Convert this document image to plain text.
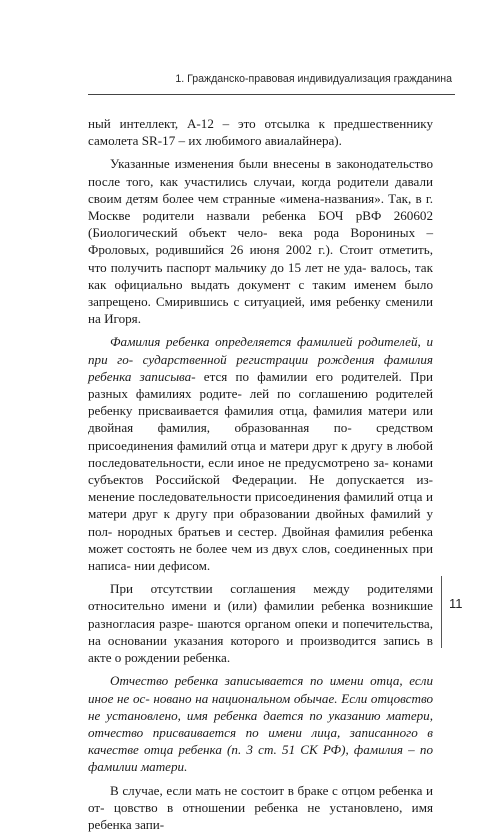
1. Гражданско-правовая индивидуализация гражданина

ный интеллект, А-12 – это отсылка к предшественнику самолета SR-17 – их любимого авиалайнера).

Указанные изменения были внесены в законодательство после того, как участились случаи, когда родители давали своим детям более чем странные «имена-названия». Так, в г. Москве родители назвали ребенка БОЧ рВФ 260602 (Биологический объект чело- века рода Ворониных – Фроловых, родившийся 26 июня 2002 г.). Стоит отметить, что получить паспорт мальчику до 15 лет не уда- валось, так как официально выдать документ с таким именем было запрещено. Смирившись с ситуацией, имя ребенку сменили на Игоря.

Фамилия ребенка определяется фамилией родителей, и при го- сударственной регистрации рождения фамилия ребенка записыва- ется по фамилии его родителей. При разных фамилиях родите- лей по соглашению родителей ребенку присваивается фамилия отца, фамилия матери или двойная фамилия, образованная по- средством присоединения фамилий отца и матери друг к другу в любой последовательности, если иное не предусмотрено за- конами субъектов Российской Федерации. Не допускается из- менение последовательности присоединения фамилий отца и матери друг к другу при образовании двойных фамилий у пол- нородных братьев и сестер. Двойная фамилия ребенка может состоять не более чем из двух слов, соединенных при написа- нии дефисом.

При отсутствии соглашения между родителями относительно имени и (или) фамилии ребенка возникшие разногласия разре- шаются органом опеки и попечительства, на основании указания которого и производится запись в акте о рождении ребенка.

Отчество ребенка записывается по имени отца, если иное не ос- новано на национальном обычае. Если отцовство не установлено, имя ребенка дается по указанию матери, отчество присваивается по имени лица, записанного в качестве отца ребенка (п. 3 ст. 51 СК РФ), фамилия – по фамилии матери.

В случае, если мать не состоит в браке с отцом ребенка и от- цовство в отношении ребенка не установлено, имя ребенка запи-

11
